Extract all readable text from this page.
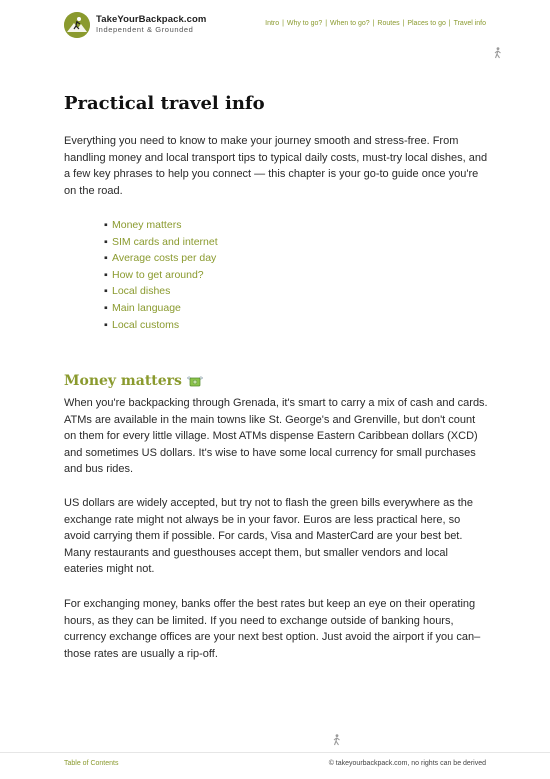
TakeYourBackpack.com
Independent & Grounded
Intro | Why to go? | When to go? | Routes | Places to go | Travel info
Practical travel info

Everything you need to know to make your journey smooth and stress-free. From handling money and local transport tips to typical daily costs, must-try local dishes, and a few key phrases to help you connect — this chapter is your go-to guide once you're on the road.

▪ Money matters
▪ SIM cards and internet
▪ Average costs per day
▪ How to get around?
▪ Local dishes
▪ Main language
▪ Local customs
Money matters

When you're backpacking through Grenada, it's smart to carry a mix of cash and cards. ATMs are available in the main towns like St. George's and Grenville, but don't count on them for every little village. Most ATMs dispense Eastern Caribbean dollars (XCD) and sometimes US dollars. It's wise to have some local currency for small purchases and bus rides.

US dollars are widely accepted, but try not to flash the green bills everywhere as the exchange rate might not always be in your favor. Euros are less practical here, so avoid carrying them if possible. For cards, Visa and MasterCard are your best bet. Many restaurants and guesthouses accept them, but smaller vendors and local eateries might not.

For exchanging money, banks offer the best rates but keep an eye on their operating hours, as they can be limited. If you need to exchange outside of banking hours, currency exchange offices are your next best option. Just avoid the airport if you can–those rates are usually a rip-off.

Table of Contents	© takeyourbackpack.com, no rights can be derived
